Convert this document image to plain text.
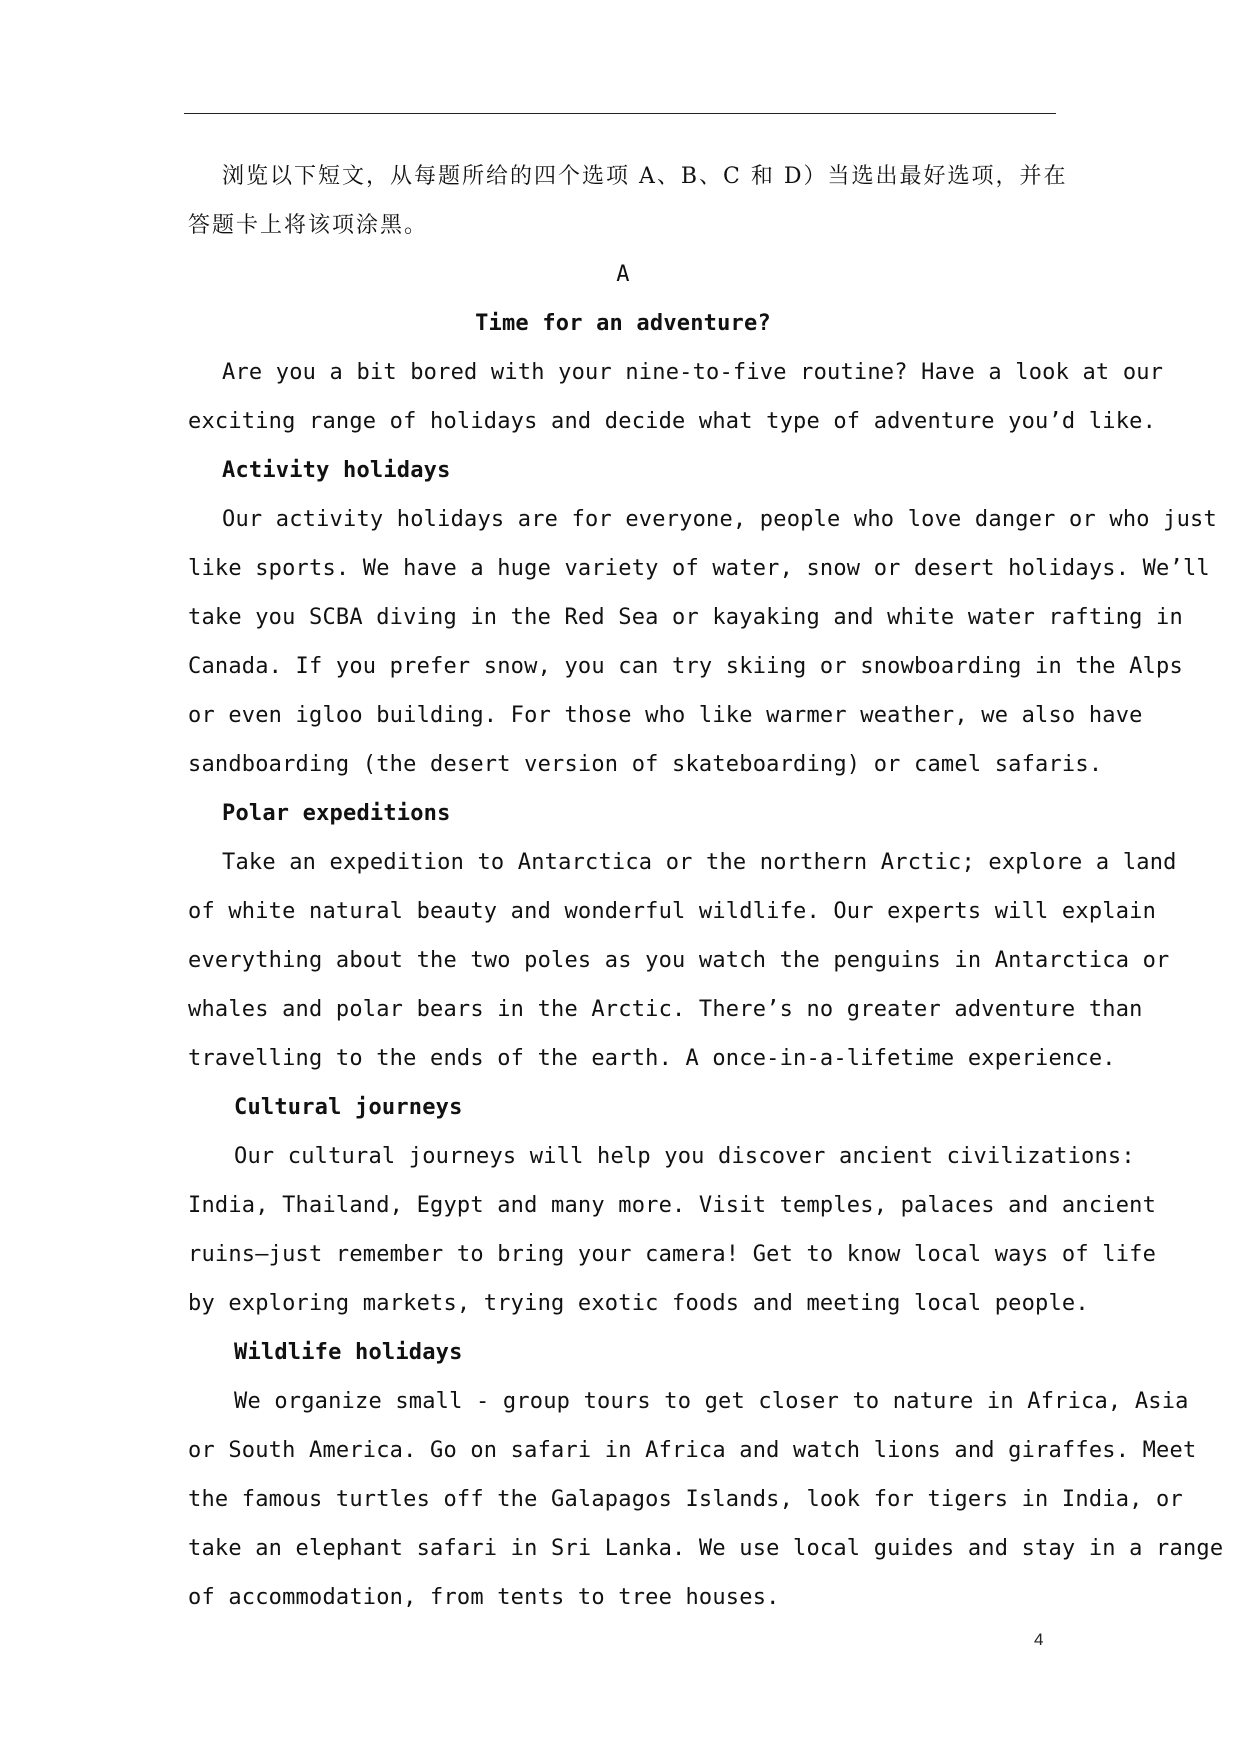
浏览以下短文，从每题所给的四个选项 A、B、C 和 D）当选出最好选项，并在
答题卡上将该项涂黑。
A
Time for an adventure?
Are you a bit bored with your nine-to-five routine? Have a look at our
exciting range of holidays and decide what type of adventure you’d like.
Activity holidays
Our activity holidays are for everyone, people who love danger or who just
like sports. We have a huge variety of water, snow or desert holidays. We’ll
take you SCBA diving in the Red Sea or kayaking and white water rafting in
Canada. If you prefer snow, you can try skiing or snowboarding in the Alps
or even igloo building. For those who like warmer weather, we also have
sandboarding (the desert version of skateboarding) or camel safaris.
Polar expeditions
Take an expedition to Antarctica or the northern Arctic; explore a land
of white natural beauty and wonderful wildlife. Our experts will explain
everything about the two poles as you watch the penguins in Antarctica or
whales and polar bears in the Arctic. There’s no greater adventure than
travelling to the ends of the earth. A once-in-a-lifetime experience.
Cultural journeys
Our cultural journeys will help you discover ancient civilizations:
India, Thailand, Egypt and many more. Visit temples, palaces and ancient
ruins—just remember to bring your camera! Get to know local ways of life
by exploring markets, trying exotic foods and meeting local people.
Wildlife holidays
We organize small - group tours to get closer to nature in Africa, Asia
or South America. Go on safari in Africa and watch lions and giraffes. Meet
the famous turtles off the Galapagos Islands, look for tigers in India, or
take an elephant safari in Sri Lanka. We use local guides and stay in a range
of accommodation, from tents to tree houses.
4
